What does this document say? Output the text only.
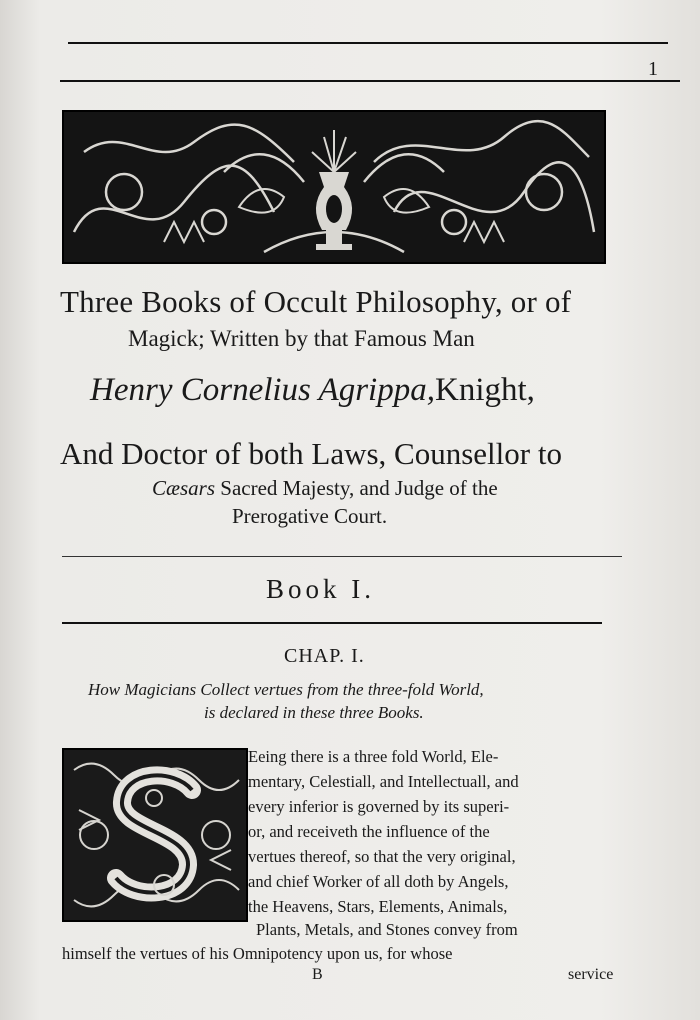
1
Three Books of Occult Philosophy, or of
Magick; Written by that Famous Man
Henry Cornelius Agrippa,Knight,
And Doctor of both Laws, Counsellor to
Cæsars Sacred Majesty, and Judge of the
Prerogative Court.
Book I.
CHAP. I.
How Magicians Collect vertues from the three-fold World,
is declared in these three Books.
Eeing there is a three fold World, Ele-
mentary, Celestiall, and Intellectuall, and
every inferior is governed by its superi-
or, and receiveth the influence of the
vertues thereof, so that the very original,
and chief Worker of all doth by Angels,
the Heavens, Stars, Elements, Animals,
Plants, Metals, and Stones convey from
himself the vertues of his Omnipotency upon us, for whose
B	service
